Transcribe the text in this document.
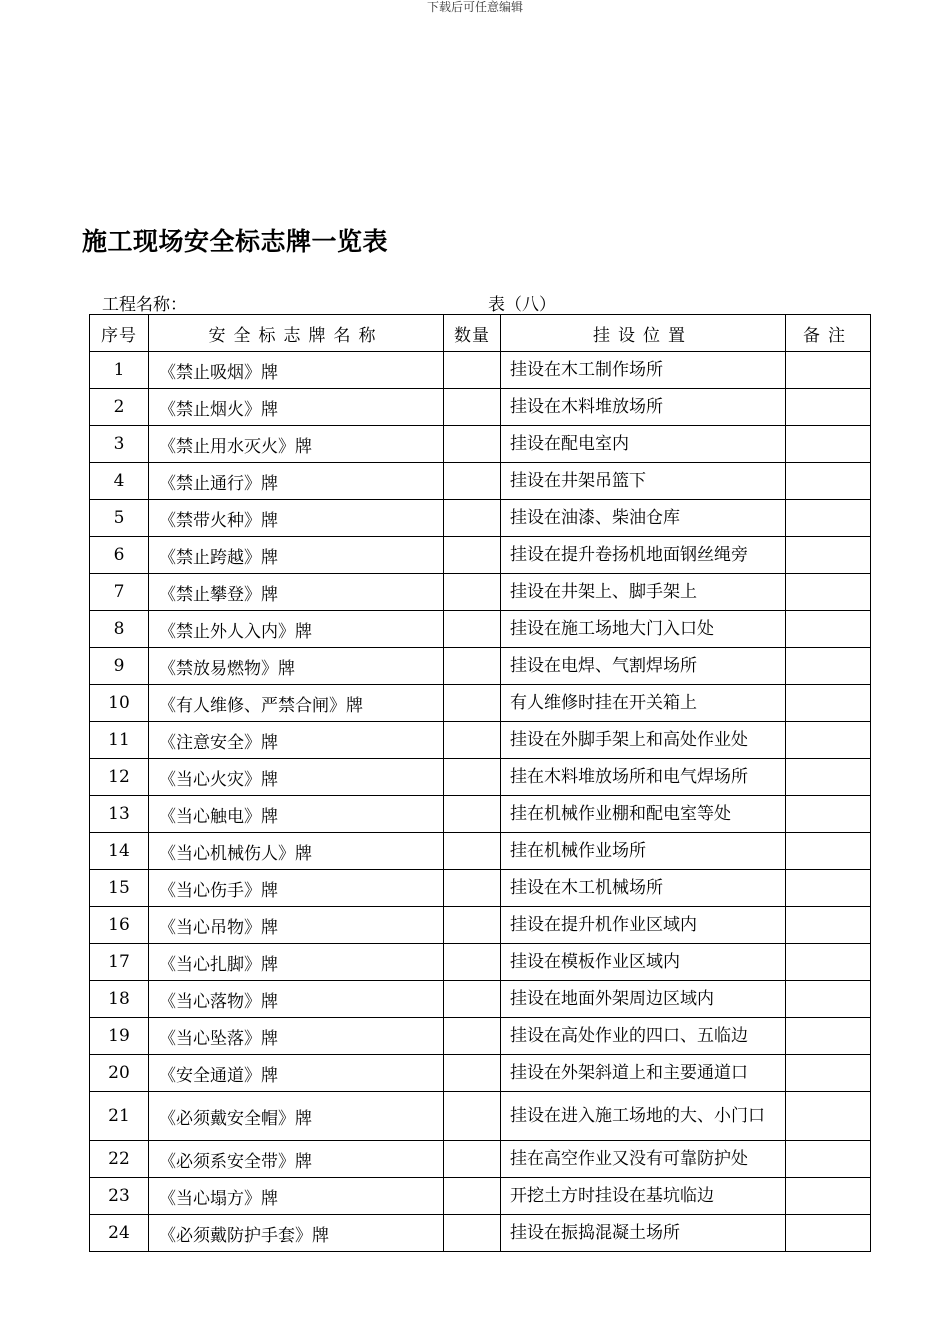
下载后可任意编辑
施工现场安全标志牌一览表
工程名称：	表（八）
序号	安全标志牌名称	数量	挂设位置	备注
1	《禁止吸烟》牌		挂设在木工制作场所	
2	《禁止烟火》牌		挂设在木料堆放场所	
3	《禁止用水灭火》牌		挂设在配电室内	
4	《禁止通行》牌		挂设在井架吊篮下	
5	《禁带火种》牌		挂设在油漆、柴油仓库	
6	《禁止跨越》牌		挂设在提升卷扬机地面钢丝绳旁	
7	《禁止攀登》牌		挂设在井架上、脚手架上	
8	《禁止外人入内》牌		挂设在施工场地大门入口处	
9	《禁放易燃物》牌		挂设在电焊、气割焊场所	
10	《有人维修、严禁合闸》牌		有人维修时挂在开关箱上	
11	《注意安全》牌		挂设在外脚手架上和高处作业处	
12	《当心火灾》牌		挂在木料堆放场所和电气焊场所	
13	《当心触电》牌		挂在机械作业棚和配电室等处	
14	《当心机械伤人》牌		挂在机械作业场所	
15	《当心伤手》牌		挂设在木工机械场所	
16	《当心吊物》牌		挂设在提升机作业区域内	
17	《当心扎脚》牌		挂设在模板作业区域内	
18	《当心落物》牌		挂设在地面外架周边区域内	
19	《当心坠落》牌		挂设在高处作业的四口、五临边	
20	《安全通道》牌		挂设在外架斜道上和主要通道口	
21	《必须戴安全帽》牌		挂设在进入施工场地的大、小门口	
22	《必须系安全带》牌		挂在高空作业又没有可靠防护处	
23	《当心塌方》牌		开挖土方时挂设在基坑临边	
24	《必须戴防护手套》牌		挂设在振捣混凝土场所	
